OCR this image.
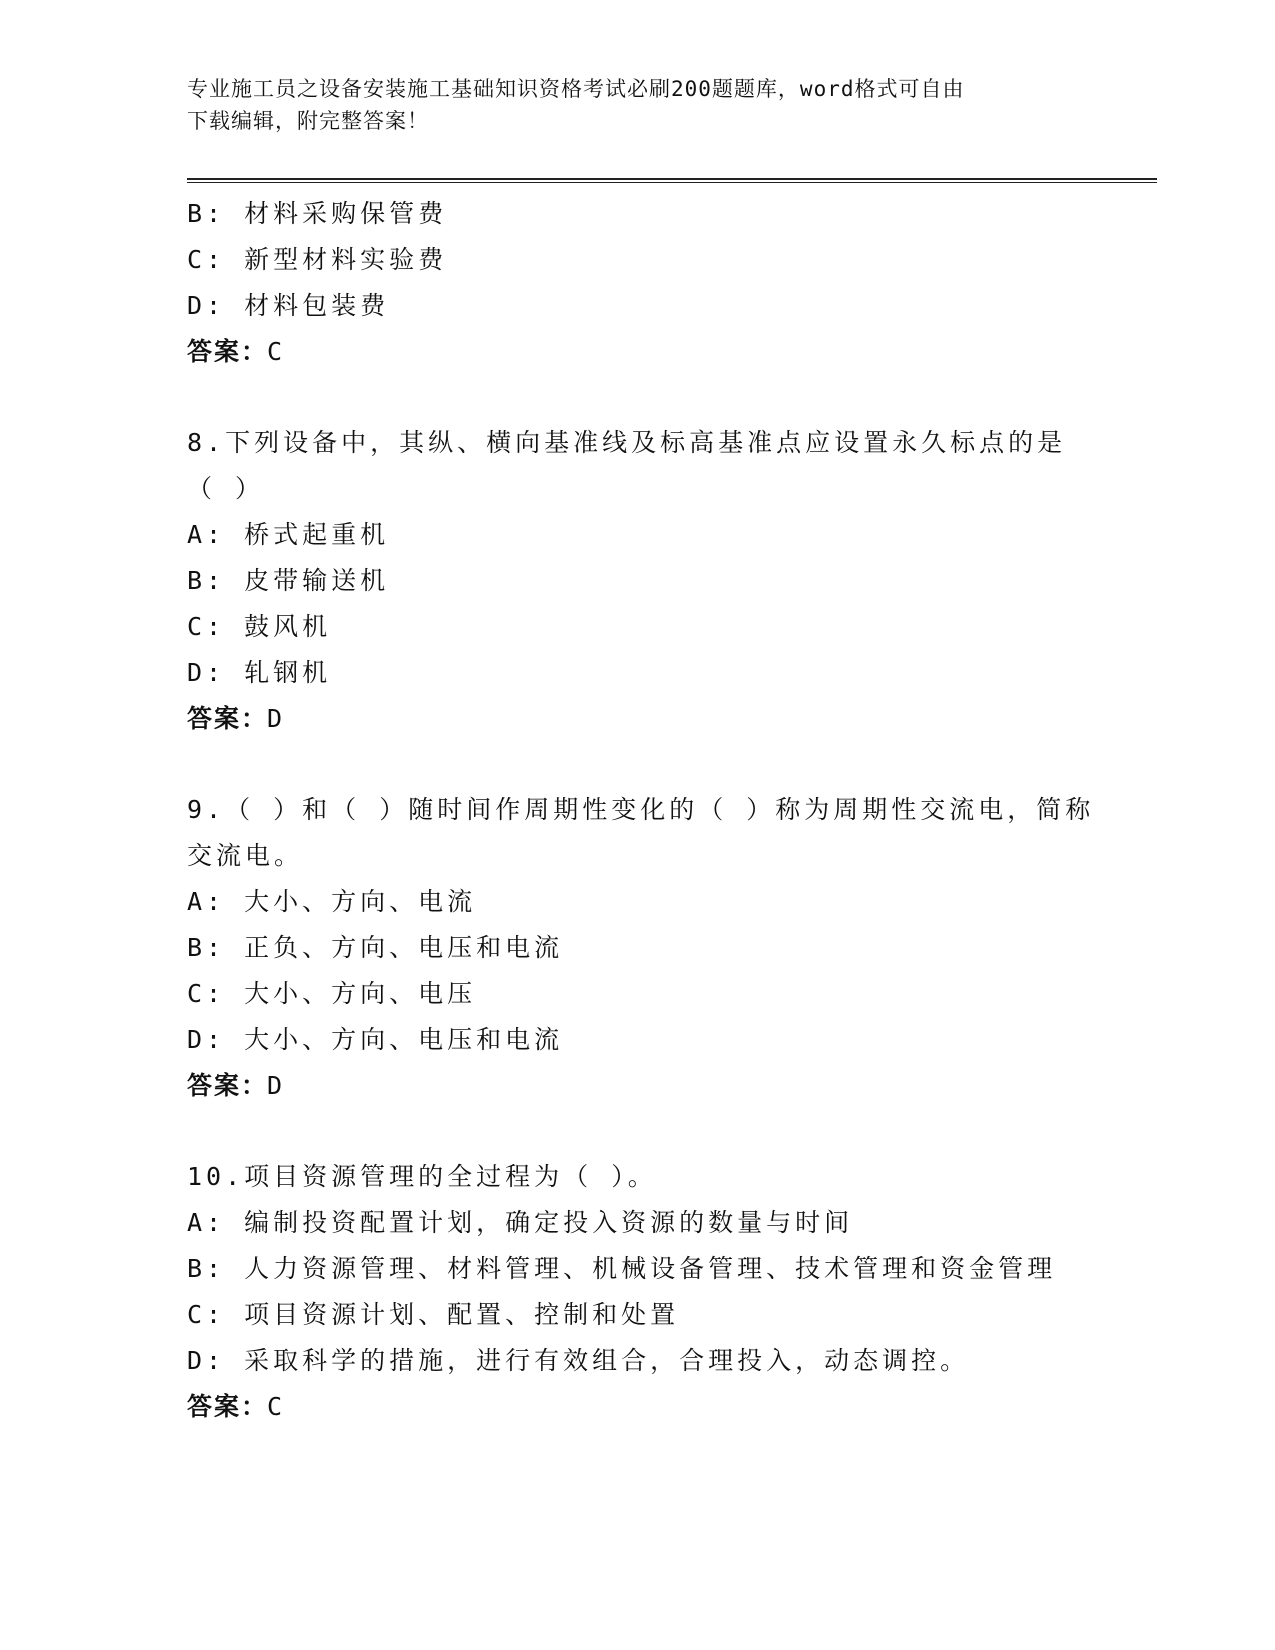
专业施工员之设备安装施工基础知识资格考试必刷200题题库，word格式可自由
下载编辑，附完整答案！
B: 材料采购保管费
C: 新型材料实验费
D: 材料包装费
答案：C
8.下列设备中，其纵、横向基准线及标高基准点应设置永久标点的是
（ ）
A: 桥式起重机
B: 皮带输送机
C: 鼓风机
D: 轧钢机
答案：D
9.（ ）和（ ）随时间作周期性变化的（ ）称为周期性交流电，简称
交流电。
A: 大小、方向、电流
B: 正负、方向、电压和电流
C: 大小、方向、电压
D: 大小、方向、电压和电流
答案：D
10.项目资源管理的全过程为（ ）。
A: 编制投资配置计划，确定投入资源的数量与时间
B: 人力资源管理、材料管理、机械设备管理、技术管理和资金管理
C: 项目资源计划、配置、控制和处置
D: 采取科学的措施，进行有效组合，合理投入，动态调控。
答案：C
